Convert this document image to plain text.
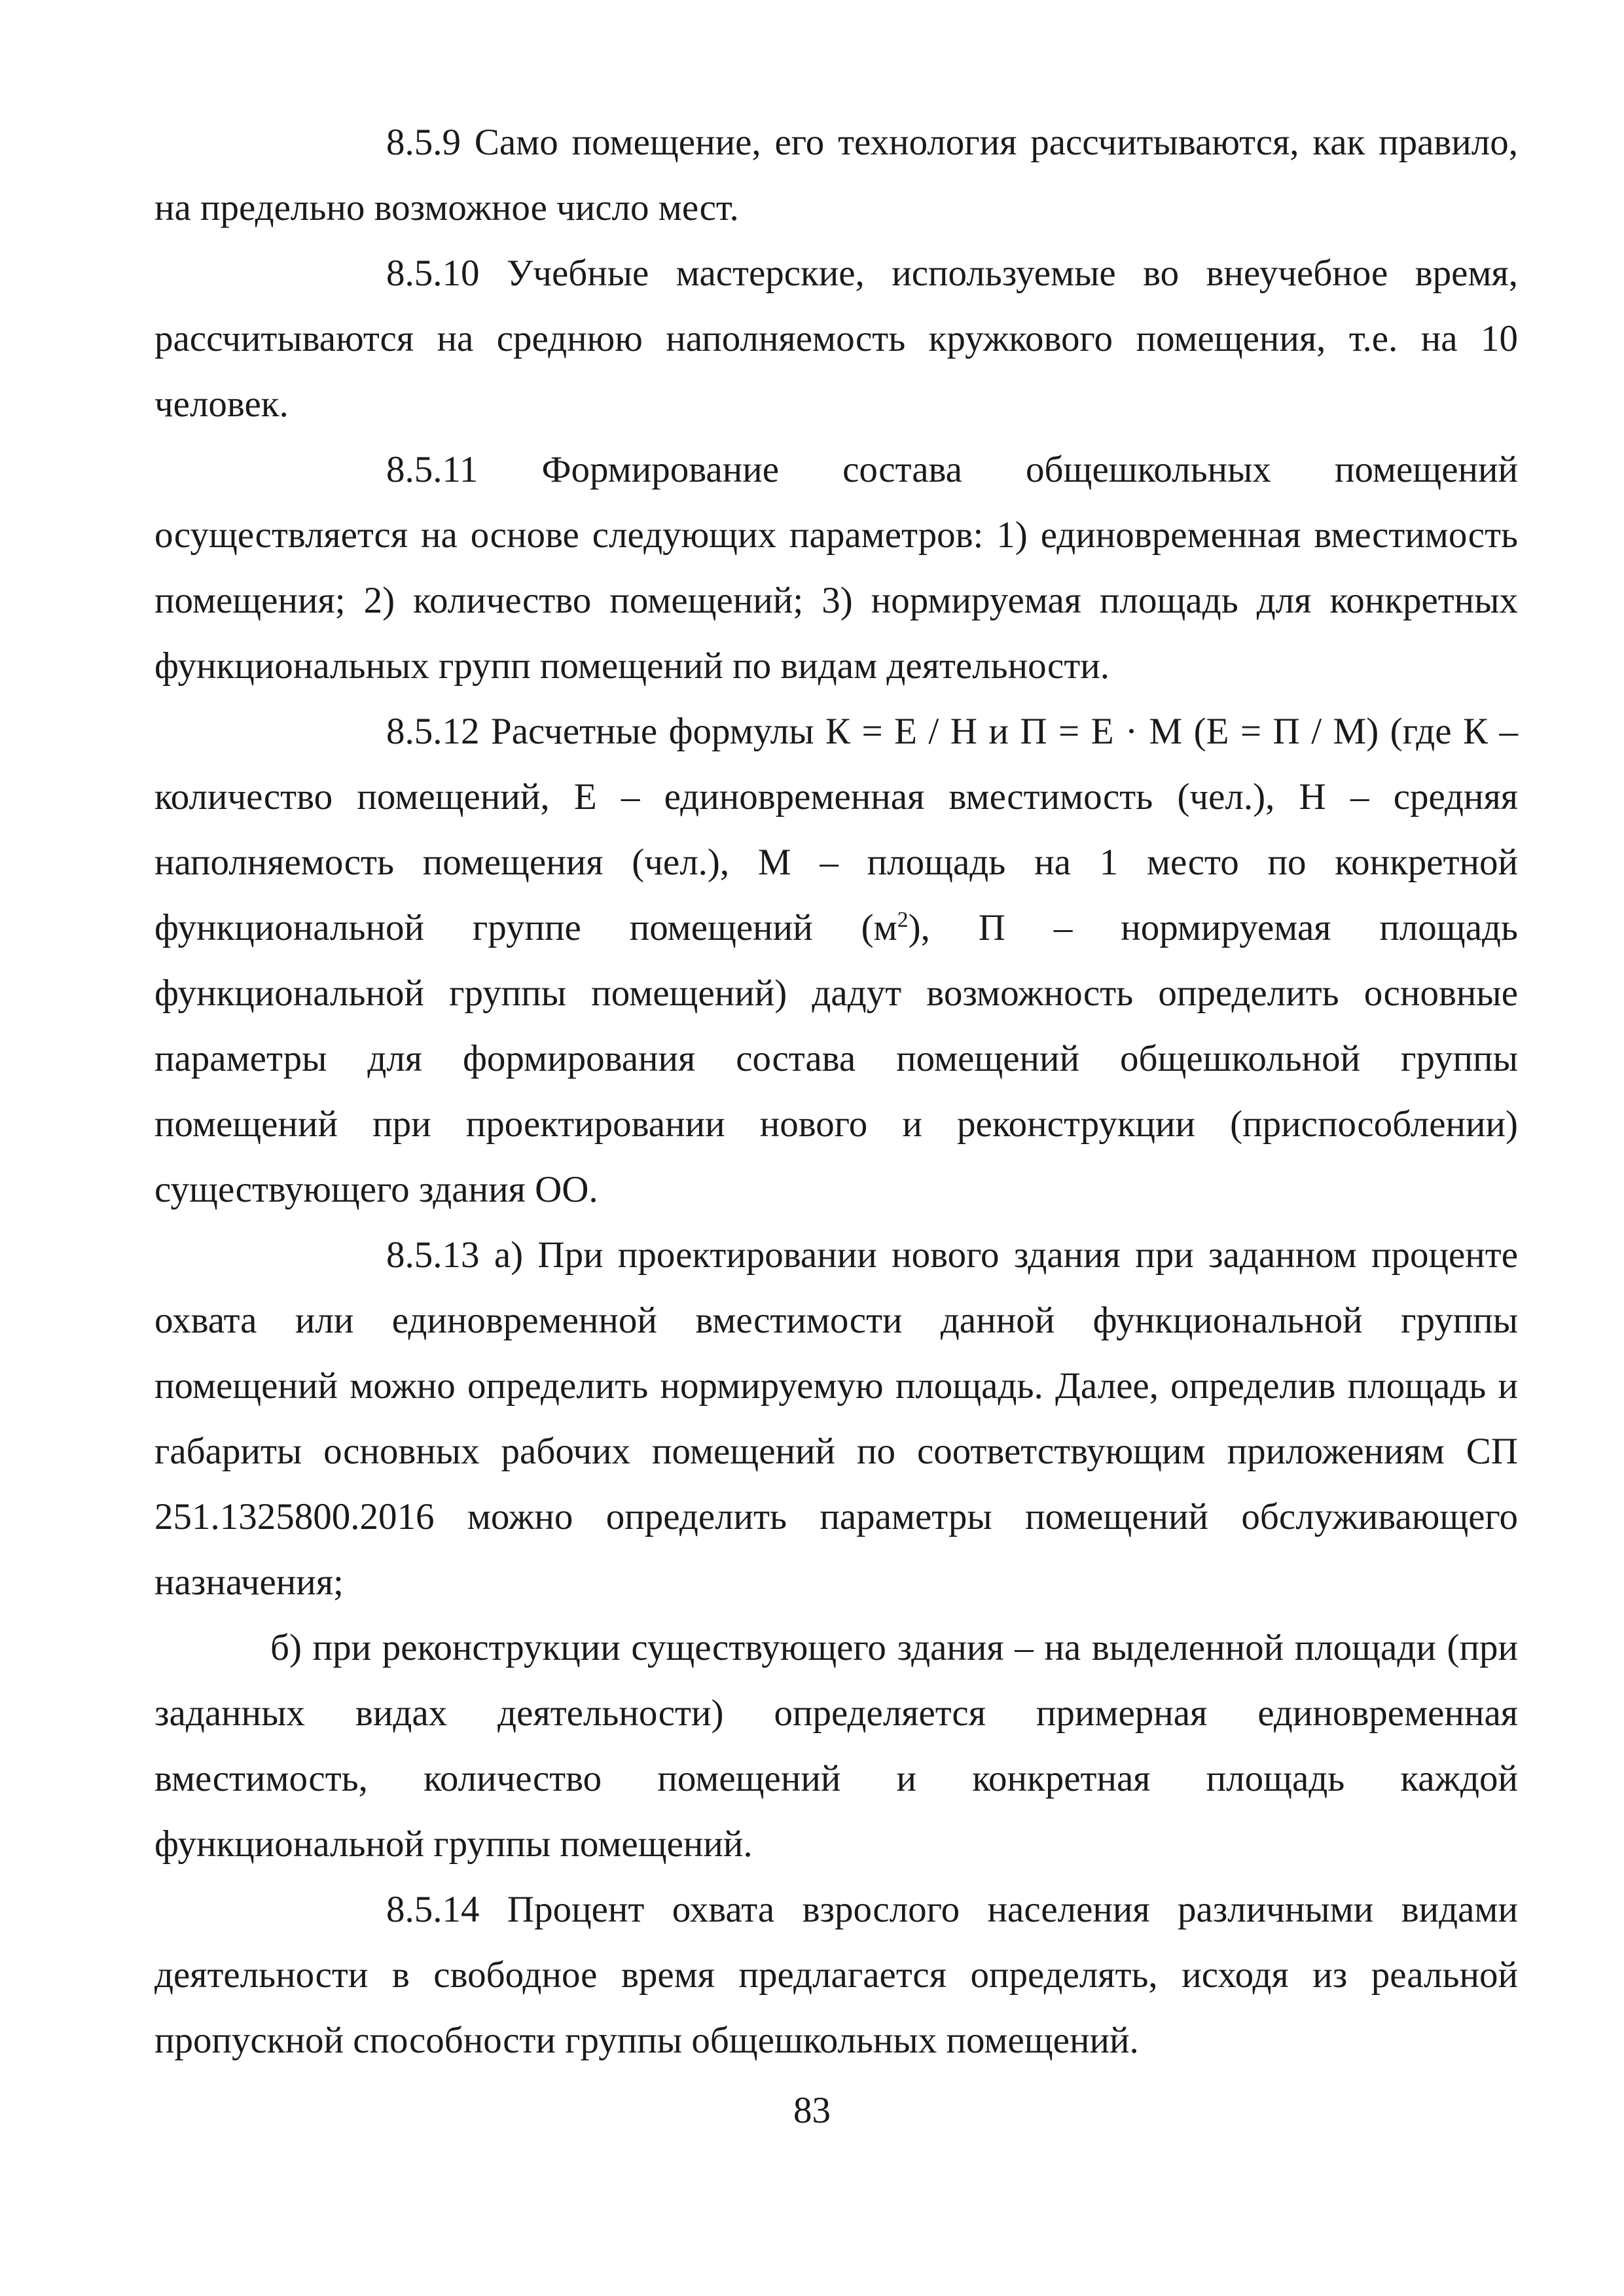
8.5.9 Само помещение, его технология рассчитываются, как правило, на предельно возможное число мест.

8.5.10 Учебные мастерские, используемые во внеучебное время, рассчитываются на среднюю наполняемость кружкового помещения, т.е. на 10 человек.

8.5.11 Формирование состава общешкольных помещений осуществляется на основе следующих параметров: 1) единовременная вместимость помещения; 2) количество помещений; 3) нормируемая площадь для конкретных функциональных групп помещений по видам деятельности.

8.5.12 Расчетные формулы К = Е / Н и П = Е · М (Е = П / М) (где К – количество помещений, Е – единовременная вместимость (чел.), Н – средняя наполняемость помещения (чел.), М – площадь на 1 место по конкретной функциональной группе помещений $(м^2)$, П – нормируемая площадь функциональной группы помещений) дадут возможность определить основные параметры для формирования состава помещений общешкольной группы помещений при проектировании нового и реконструкции (приспособлении) существующего здания ОО.

8.5.13 а) При проектировании нового здания при заданном проценте охвата или единовременной вместимости данной функциональной группы помещений можно определить нормируемую площадь. Далее, определив площадь и габариты основных рабочих помещений по соответствующим приложениям СП 251.1325800.2016 можно определить параметры помещений обслуживающего назначения;

б) при реконструкции существующего здания – на выделенной площади (при заданных видах деятельности) определяется примерная единовременная вместимость, количество помещений и конкретная площадь каждой функциональной группы помещений.

8.5.14 Процент охвата взрослого населения различными видами деятельности в свободное время предлагается определять, исходя из реальной пропускной способности группы общешкольных помещений.

83
